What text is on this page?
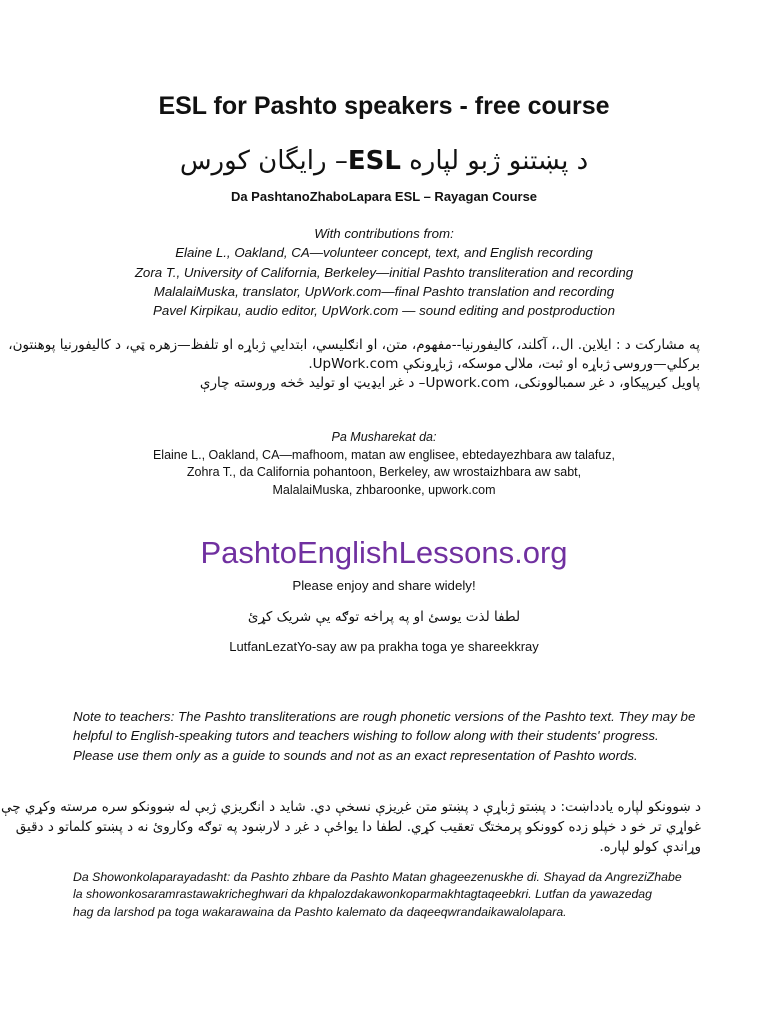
ESL for Pashto speakers - free course
د پښتنو ژبو لپاره ESL– رايگان کورس
Da PashtanoZhaboLapara ESL – Rayagan Course
With contributions from:
Elaine L., Oakland, CA—volunteer concept, text, and English recording
Zora T., University of California, Berkeley—initial Pashto transliteration and recording
MalalaiMuska, translator, UpWork.com—final Pashto translation and recording
Pavel Kirpikau, audio editor, UpWork.com — sound editing and postproduction
په مشارکت د : ايلاين. ال.، آکلند، کاليفورنيا--مفهوم، متن، او انګليسي، ابتدايي ژباړه او تلفظ—زهره ټي، د کاليفورنيا پوهنتون،
برکلي—وروسۍ ژباړه او ثبت، ملالۍ موسکه، ژباړونکې UpWork.com.
پاویل کیرپیکاو، د غږ سمبالوونکی، Upwork.com– د غږ ايډيټ او توليد څخه وروسته چارې
Pa Musharekat da:
Elaine L., Oakland, CA—mafhoom, matan aw englisee, ebtedayezhbara aw talafuz,
Zohra T., da California pohantoon, Berkeley, aw wrostaizhbara aw sabt,
MalalaiMuska, zhbaroonke, upwork.com
PashtoEnglishLessons.org
Please enjoy and share widely!
لطفا لذت يوسئ او په پراخه توګه يې شريک کړئ
LutfanLezatYo-say aw pa prakha toga ye shareekkray
Note to teachers: The Pashto transliterations are rough phonetic versions of the Pashto text. They may be helpful to English-speaking tutors and teachers wishing to follow along with their students' progress. Please use them only as a guide to sounds and not as an exact representation of Pashto words.
د ښوونکو لپاره يادداښت: د پښتو ژباړې د پښتو متن غږيزې نسخې دي. شايد د انګريزي ژبې له ښوونکو سره مرسته وکړي چې
غواړي تر خو د خپلو زده کوونکو پرمختګ تعقيب کړي. لطفا دا يواځې د غږ د لارښود په توګه وکاروئ نه د پښتو کلماتو د دقيق
وړاندې کولو لپاره.
Da Showonkolaparayadasht: da Pashto zhbare da Pashto Matan ghageezenuskhe di. Shayad da AngreziZhabe
la showonkosaramrastawakricheghwari da khpalozdakawonkoparmakhtagtaqeebkri. Lutfan da yawazedag
hag da larshod pa toga wakarawaina da Pashto kalemato da daqeeqwrandaikawalolapara.
